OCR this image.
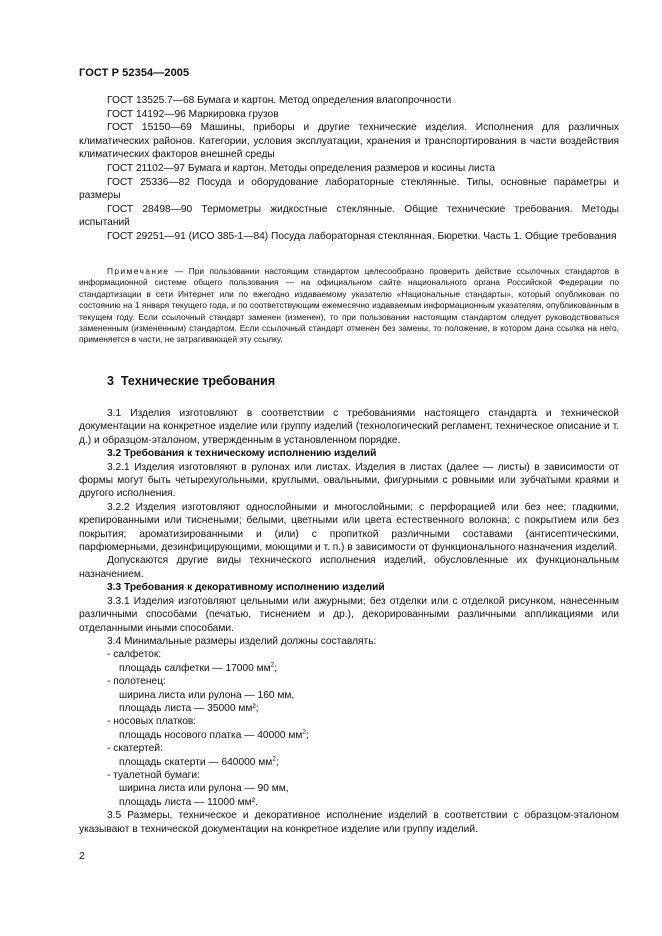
ГОСТ Р 52354—2005

ГОСТ 13525.7—68 Бумага и картон. Метод определения влагопрочности

ГОСТ 14192—96 Маркировка грузов

ГОСТ 15150—69 Машины, приборы и другие технические изделия. Исполнения для различных климатических районов. Категории, условия эксплуатации, хранения и транспортирования в части воздействия климатических факторов внешней среды

ГОСТ 21102—97 Бумага и картон. Методы определения размеров и косины листа

ГОСТ 25336—82 Посуда и оборудование лабораторные стеклянные. Типы, основные параметры и размеры

ГОСТ 28498—90 Термометры жидкостные стеклянные. Общие технические требования. Методы испытаний

ГОСТ 29251—91 (ИСО 385-1—84) Посуда лабораторная стеклянная. Бюретки. Часть 1. Общие требования

Примечание — При пользовании настоящим стандартом целесообразно проверить действие ссылочных стандартов в информационной системе общего пользования — на официальном сайте национального органа Российской Федерации по стандартизации в сети Интернет или по ежегодно издаваемому указателю «Национальные стандарты», который опубликован по состоянию на 1 января текущего года, и по соответствующим ежемесячно издаваемым информационным указателям, опубликованным в текущем году. Если ссылочный стандарт заменен (изменен), то при пользовании настоящим стандартом следует руководствоваться замененным (измененным) стандартом. Если ссылочный стандарт отменен без замены, то положение, в котором дана ссылка на него, применяется в части, не затрагивающей эту ссылку.

3 Технические требования

3.1 Изделия изготовляют в соответствии с требованиями настоящего стандарта и технической документации на конкретное изделие или группу изделий (технологический регламент, техническое описание и т. д.) и образцом-эталоном, утвержденным в установленном порядке.

3.2 Требования к техническому исполнению изделий

3.2.1 Изделия изготовляют в рулонах или листах. Изделия в листах (далее — листы) в зависимости от формы могут быть четырехугольными, круглыми, овальными, фигурными с ровными или зубчатыми краями и другого исполнения.

3.2.2 Изделия изготовляют однослойными и многослойными; с перфорацией или без нее; гладкими, крепированными или тиснеными; белыми, цветными или цвета естественного волокна; с покрытием или без покрытия; ароматизированными и (или) с пропиткой различными составами (антисептическими, парфюмерными, дезинфицирующими, моющими и т. п.) в зависимости от функционального назначения изделий.

Допускаются другие виды технического исполнения изделий, обусловленные их функциональным назначением.

3.3 Требования к декоративному исполнению изделий

3.3.1 Изделия изготовляют цельными или ажурными; без отделки или с отделкой рисунком, нанесенным различными способами (печатью, тиснением и др.), декорированными различными аппликациями или отделанными иными способами.

3.4 Минимальные размеры изделий должны составлять:

- салфеток:

площадь салфетки — 17000 $мм^2$;

- полотенец:

ширина листа или рулона — 160 мм,

площадь листа — 35000 мм²;

- носовых платков:

площадь носового платка — 40000 $мм^2$;

- скатертей:

площадь скатерти — 640000 $мм^2$;

- туалетной бумаги:

ширина листа или рулона — 90 мм,

площадь листа — 11000 мм².

3.5 Размеры, техническое и декоративное исполнение изделий в соответствии с образцом-эталоном указывают в технической документации на конкретное изделие или группу изделий.

2
